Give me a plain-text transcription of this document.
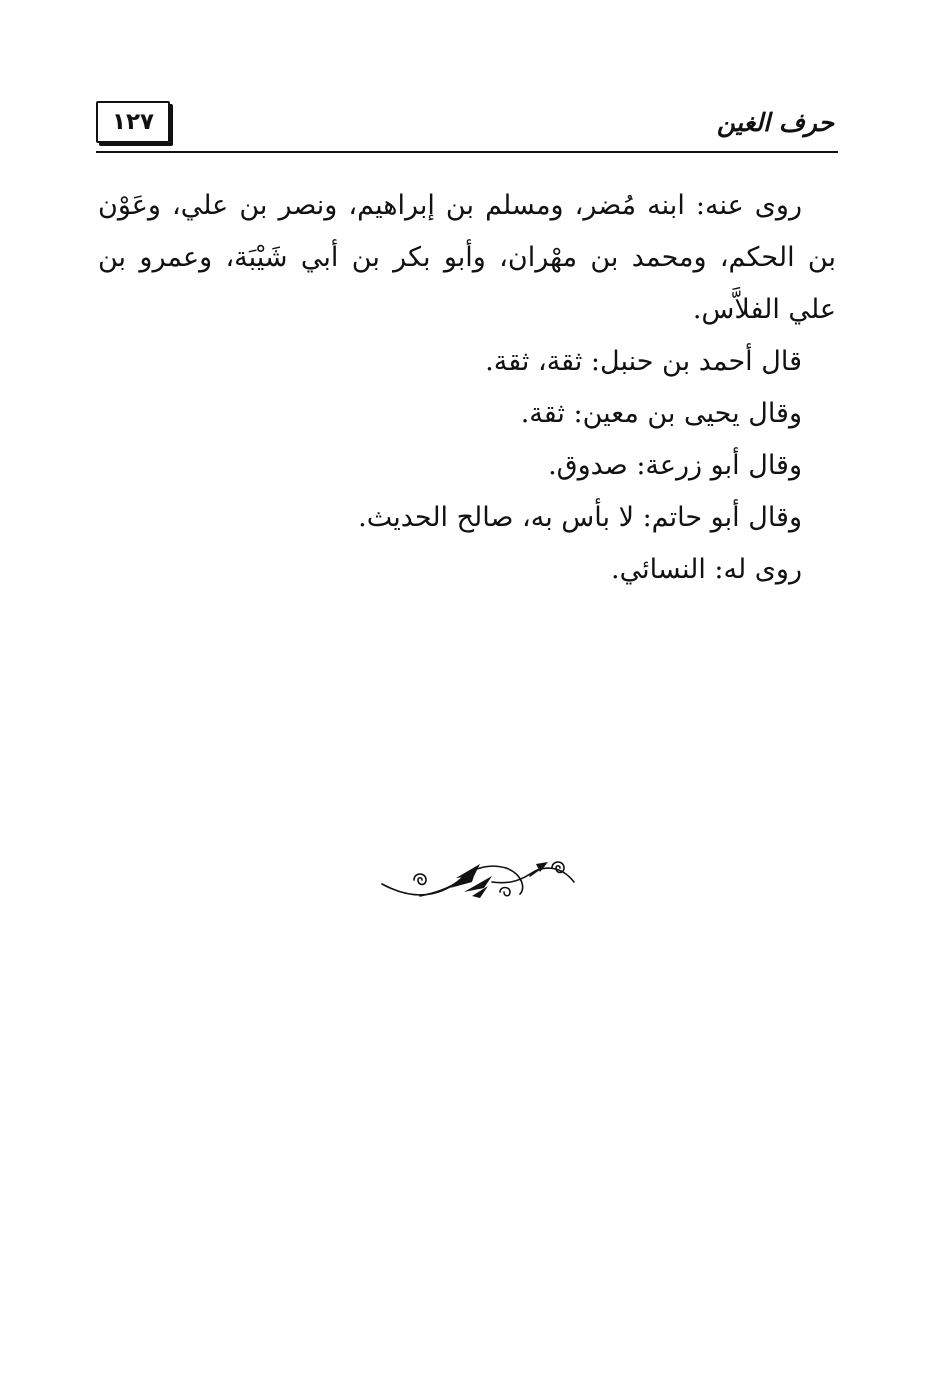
١٢٧	حرف الغين

روى عنه: ابنه مُضر، ومسلم بن إبراهيم، ونصر بن علي، وعَوْن بن الحكم، ومحمد بن مهْران، وأبو بكر بن أبي شَيْبَة، وعمرو بن علي الفلاَّس.

قال أحمد بن حنبل: ثقة، ثقة.

وقال يحيى بن معين: ثقة.

وقال أبو زرعة: صدوق.

وقال أبو حاتم: لا بأس به، صالح الحديث.

روى له: النسائي.
